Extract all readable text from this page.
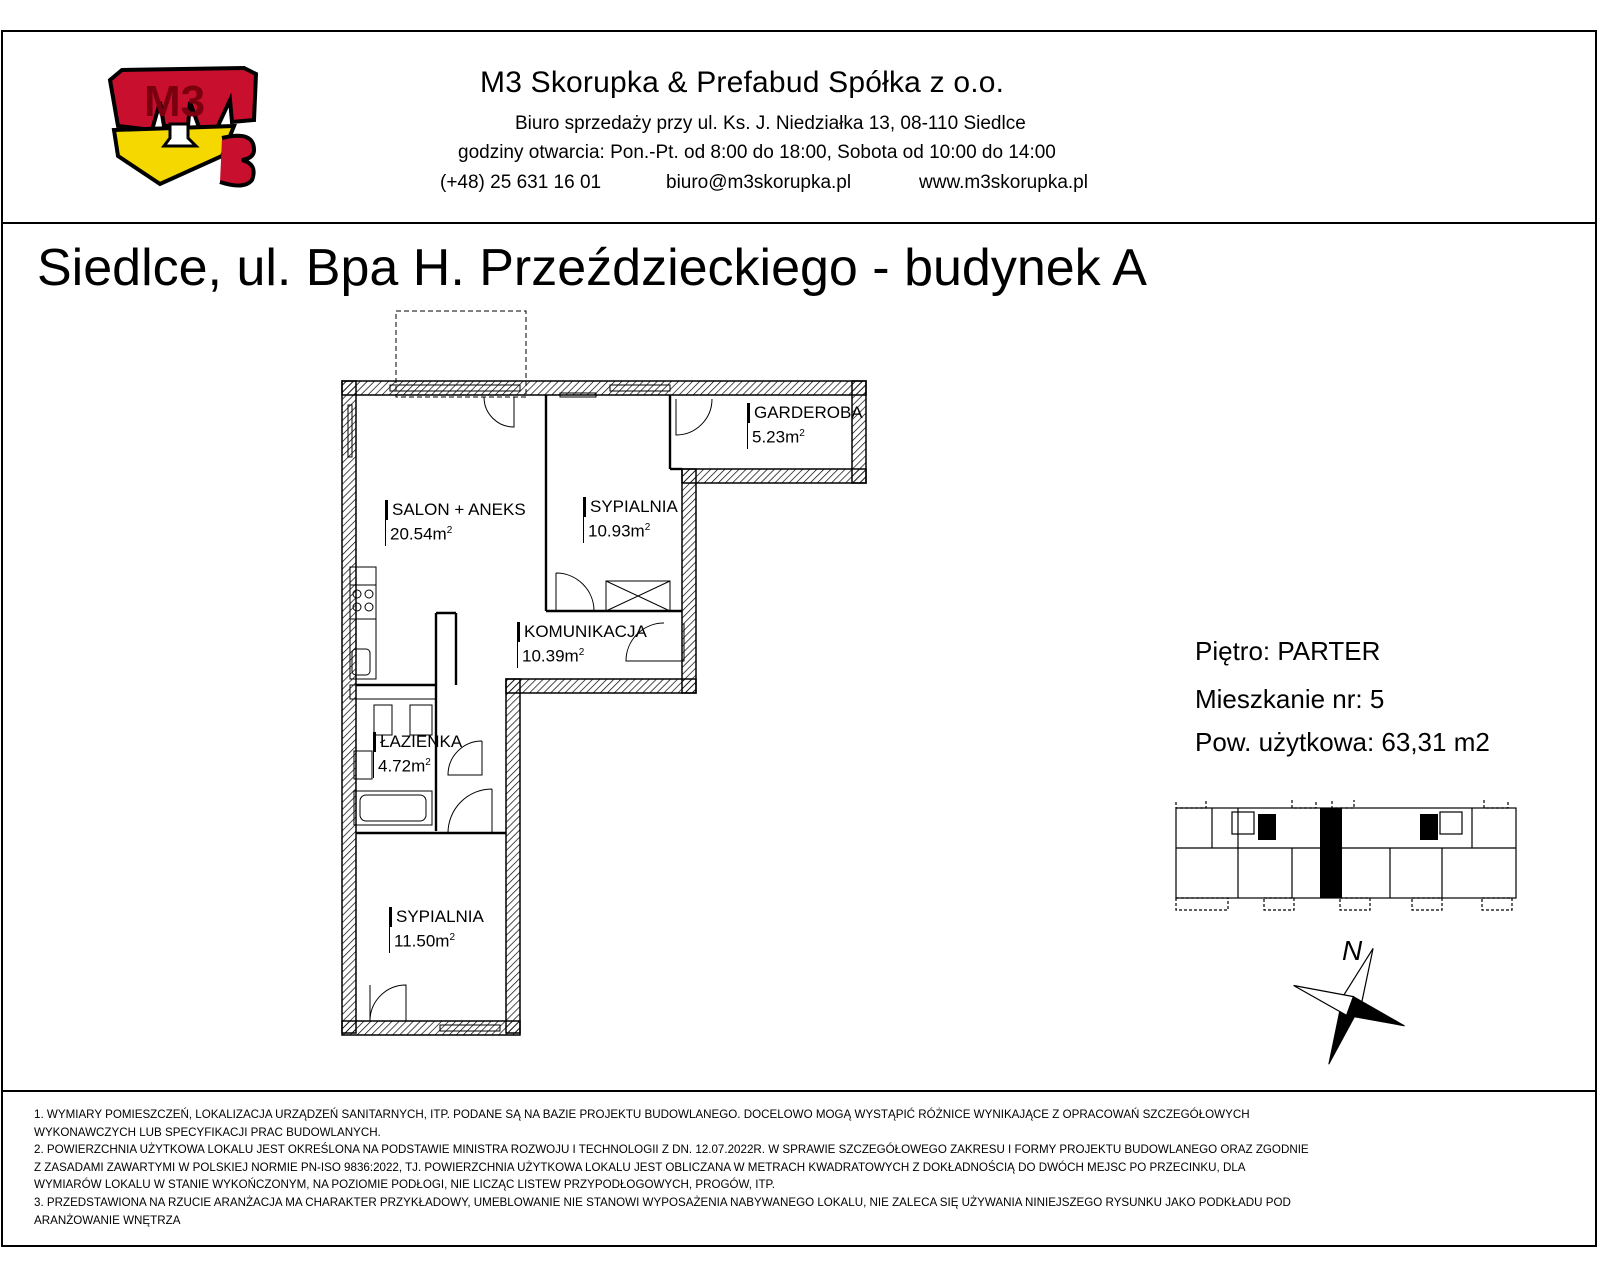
M3	M3 Skorupka & Prefabud Spółka z o.o.
Biuro sprzedaży przy ul. Ks. J. Niedziałka 13, 08-110 Siedlce
godziny otwarcia: Pon.-Pt. od 8:00 do 18:00, Sobota od 10:00 do 14:00
(+48) 25 631 16 01	biuro@m3skorupka.pl	www.m3skorupka.pl
Siedlce, ul. Bpa H. Przeździeckiego - budynek A
Piętro: PARTER
Mieszkanie nr: 5
Pow. użytkowa: 63,31 m2
SALON + ANEKS
$20.54m^2$
SYPIALNIA
$10.93m^2$
GARDEROBA
$5.23m^2$
KOMUNIKACJA
$10.39m^2$
ŁAZIENKA
$4.72m^2$
SYPIALNIA
$11.50m^2$	N
1. WYMIARY POMIESZCZEŃ, LOKALIZACJA URZĄDZEŃ SANITARNYCH, ITP. PODANE SĄ NA BAZIE PROJEKTU BUDOWLANEGO. DOCELOWO MOGĄ WYSTĄPIĆ RÓŻNICE WYNIKAJĄCE Z OPRACOWAŃ SZCZEGÓŁOWYCH
WYKONAWCZYCH LUB SPECYFIKACJI PRAC BUDOWLANYCH.
2. POWIERZCHNIA UŻYTKOWA LOKALU JEST OKREŚLONA NA PODSTAWIE MINISTRA ROZWOJU I TECHNOLOGII Z DN. 12.07.2022R. W SPRAWIE SZCZEGÓŁOWEGO ZAKRESU I FORMY PROJEKTU BUDOWLANEGO ORAZ ZGODNIE
Z ZASADAMI ZAWARTYMI W POLSKIEJ NORMIE PN-ISO 9836:2022, TJ. POWIERZCHNIA UŻYTKOWA LOKALU JEST OBLICZANA W METRACH KWADRATOWYCH Z DOKŁADNOŚCIĄ DO DWÓCH MEJSC PO PRZECINKU, DLA
WYMIARÓW LOKALU W STANIE WYKOŃCZONYM, NA POZIOMIE PODŁOGI, NIE LICZĄC LISTEW PRZYPODŁOGOWYCH, PROGÓW, ITP.
3. PRZEDSTAWIONA NA RZUCIE ARANŻACJA MA CHARAKTER PRZYKŁADOWY, UMEBLOWANIE NIE STANOWI WYPOSAŻENIA NABYWANEGO LOKALU, NIE ZALECA SIĘ UŻYWANIA NINIEJSZEGO RYSUNKU JAKO PODKŁADU POD
ARANŻOWANIE WNĘTRZA
